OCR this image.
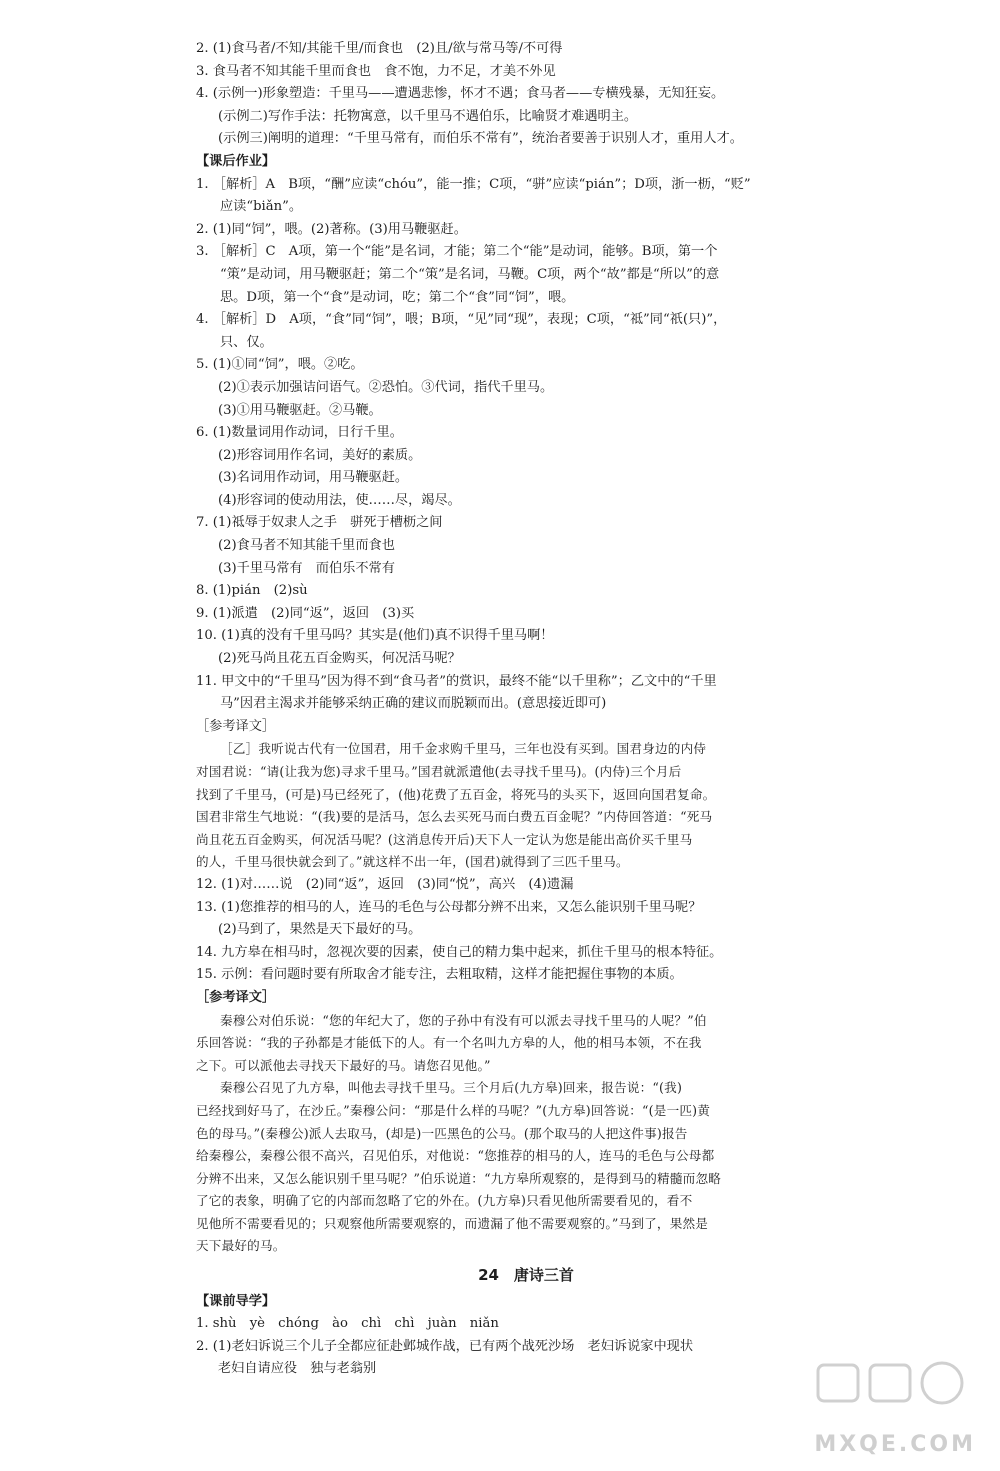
2. (1)食马者/不知/其能千里/而食也　(2)且/欲与常马等/不可得
3. 食马者不知其能千里而食也　食不饱，力不足，才美不外见
4. (示例一)形象塑造：千里马——遭遇悲惨，怀才不遇；食马者——专横残暴，无知狂妄。
(示例二)写作手法：托物寓意，以千里马不遇伯乐，比喻贤才难遇明主。
(示例三)阐明的道理：“千里马常有，而伯乐不常有”，统治者要善于识别人才，重用人才。
【课后作业】
1. ［解析］A　B项，“酬”应读“chóu”，能一推；C项，“骈”应读“pián”；D项，浙一枥，“贬”
应读“biǎn”。
2. (1)同“饲”，喂。(2)著称。(3)用马鞭驱赶。
3. ［解析］C　A项，第一个“能”是名词，才能；第二个“能”是动词，能够。B项，第一个
“策”是动词，用马鞭驱赶；第二个“策”是名词，马鞭。C项，两个“故”都是“所以”的意
思。D项，第一个“食”是动词，吃；第二个“食”同“饲”，喂。
4. ［解析］D　A项，“食”同“饲”，喂；B项，“见”同“现”，表现；C项，“祗”同“祇(只)”，
只、仅。
5. (1)①同“饲”，喂。②吃。
(2)①表示加强诘问语气。②恐怕。③代词，指代千里马。
(3)①用马鞭驱赶。②马鞭。
6. (1)数量词用作动词，日行千里。
(2)形容词用作名词，美好的素质。
(3)名词用作动词，用马鞭驱赶。
(4)形容词的使动用法，使……尽，竭尽。
7. (1)祗辱于奴隶人之手　骈死于槽枥之间
(2)食马者不知其能千里而食也
(3)千里马常有　而伯乐不常有
8. (1)pián　(2)sù
9. (1)派遣　(2)同“返”，返回　(3)买
10. (1)真的没有千里马吗？其实是(他们)真不识得千里马啊！
(2)死马尚且花五百金购买，何况活马呢？
11. 甲文中的“千里马”因为得不到“食马者”的赏识，最终不能“以千里称”；乙文中的“千里
马”因君主渴求并能够采纳正确的建议而脱颖而出。(意思接近即可)
［参考译文］
［乙］我听说古代有一位国君，用千金求购千里马，三年也没有买到。国君身边的内侍
对国君说：“请(让我为您)寻求千里马。”国君就派遣他(去寻找千里马)。(内侍)三个月后
找到了千里马，(可是)马已经死了，(他)花费了五百金，将死马的头买下，返回向国君复命。
国君非常生气地说：“(我)要的是活马，怎么去买死马而白费五百金呢？”内侍回答道：“死马
尚且花五百金购买，何况活马呢？(这消息传开后)天下人一定认为您是能出高价买千里马
的人，千里马很快就会到了。”就这样不出一年，(国君)就得到了三匹千里马。
12. (1)对……说　(2)同“返”，返回　(3)同“悦”，高兴　(4)遗漏
13. (1)您推荐的相马的人，连马的毛色与公母都分辨不出来，又怎么能识别千里马呢？
(2)马到了，果然是天下最好的马。
14. 九方皋在相马时，忽视次要的因素，使自己的精力集中起来，抓住千里马的根本特征。
15. 示例：看问题时要有所取舍才能专注，去粗取精，这样才能把握住事物的本质。
［参考译文］
秦穆公对伯乐说：“您的年纪大了，您的子孙中有没有可以派去寻找千里马的人呢？”伯
乐回答说：“我的子孙都是才能低下的人。有一个名叫九方皋的人，他的相马本领，不在我
之下。可以派他去寻找天下最好的马。请您召见他。”
秦穆公召见了九方皋，叫他去寻找千里马。三个月后(九方皋)回来，报告说：“(我)
已经找到好马了，在沙丘。”秦穆公问：“那是什么样的马呢？”(九方皋)回答说：“(是一匹)黄
色的母马。”(秦穆公)派人去取马，(却是)一匹黑色的公马。(那个取马的人把这件事)报告
给秦穆公，秦穆公很不高兴，召见伯乐，对他说：“您推荐的相马的人，连马的毛色与公母都
分辨不出来，又怎么能识别千里马呢？”伯乐说道：“九方皋所观察的，是得到马的精髓而忽略
了它的表象，明确了它的内部而忽略了它的外在。(九方皋)只看见他所需要看见的，看不
见他所不需要看见的；只观察他所需要观察的，而遗漏了他不需要观察的。”马到了，果然是
天下最好的马。
24　唐诗三首
【课前导学】
1. shù　yè　chóng　ào　chì　chì　juàn　niǎn
2. (1)老妇诉说三个儿子全都应征赴邺城作战，已有两个战死沙场　老妇诉说家中现状
老妇自请应役　独与老翁别
MXQE.COM
